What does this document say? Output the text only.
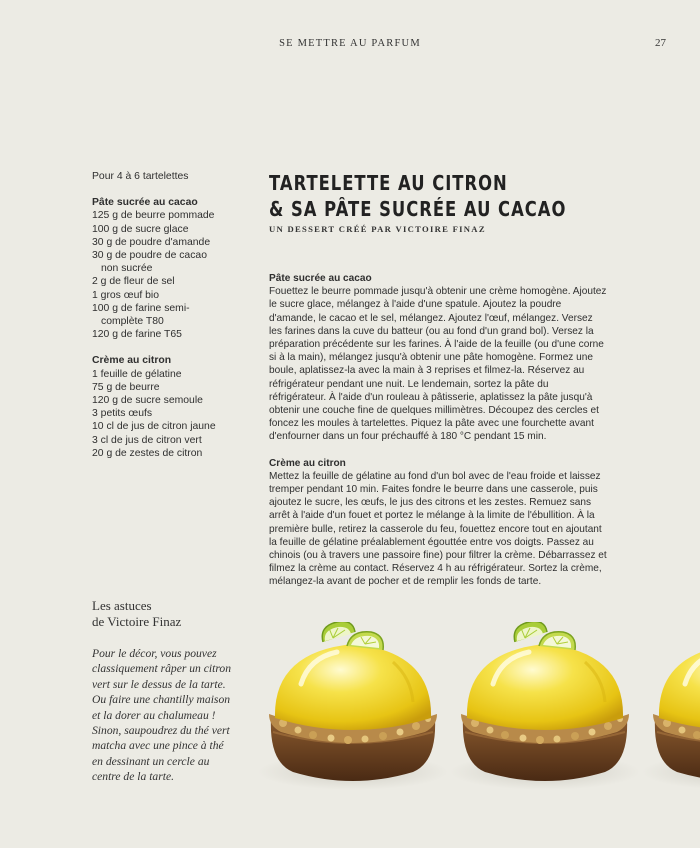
SE METTRE AU PARFUM	27
Pour 4 à 6 tartelettes
Pâte sucrée au cacao
125 g de beurre pommade
100 g de sucre glace
30 g de poudre d'amande
30 g de poudre de cacao non sucrée
2 g de fleur de sel
1 gros œuf bio
100 g de farine semi-complète T80
120 g de farine T65
Crème au citron
1 feuille de gélatine
75 g de beurre
120 g de sucre semoule
3 petits œufs
10 cl de jus de citron jaune
3 cl de jus de citron vert
20 g de zestes de citron
TARTELETTE AU CITRON
& SA PÂTE SUCRÉE AU CACAO
UN DESSERT CRÉÉ PAR VICTOIRE FINAZ
Pâte sucrée au cacao
Fouettez le beurre pommade jusqu'à obtenir une crème homogène. Ajoutez le sucre glace, mélangez à l'aide d'une spatule. Ajoutez la poudre d'amande, le cacao et le sel, mélangez. Ajoutez l'œuf, mélangez. Versez les farines dans la cuve du batteur (ou au fond d'un grand bol). Versez la préparation précédente sur les farines. À l'aide de la feuille (ou d'une corne si à la main), mélangez jusqu'à obtenir une pâte homogène. Formez une boule, aplatissez-la avec la main à 3 reprises et filmez-la. Réservez au réfrigérateur pendant une nuit. Le lendemain, sortez la pâte du réfrigérateur. À l'aide d'un rouleau à pâtisserie, aplatissez la pâte jusqu'à obtenir une couche fine de quelques millimètres. Découpez des cercles et foncez les moules à tartelettes. Piquez la pâte avec une fourchette avant d'enfourner dans un four préchauffé à 180 °C pendant 15 min.
Crème au citron
Mettez la feuille de gélatine au fond d'un bol avec de l'eau froide et laissez tremper pendant 10 min. Faites fondre le beurre dans une casserole, puis ajoutez le sucre, les œufs, le jus des citrons et les zestes. Remuez sans arrêt à l'aide d'un fouet et portez le mélange à la limite de l'ébullition. À la première bulle, retirez la casserole du feu, fouettez encore tout en ajoutant la feuille de gélatine préalablement égouttée entre vos doigts. Passez au chinois (ou à travers une passoire fine) pour filtrer la crème. Débarrassez et filmez la crème au contact. Réservez 4 h au réfrigérateur. Sortez la crème, mélangez-la avant de pocher et de remplir les fonds de tarte.
Les astuces
de Victoire Finaz
Pour le décor, vous pouvez classiquement râper un citron vert sur le dessus de la tarte. Ou faire une chantilly maison et la dorer au chalumeau ! Sinon, saupoudrez du thé vert matcha avec une pince à thé en dessinant un cercle au centre de la tarte.
